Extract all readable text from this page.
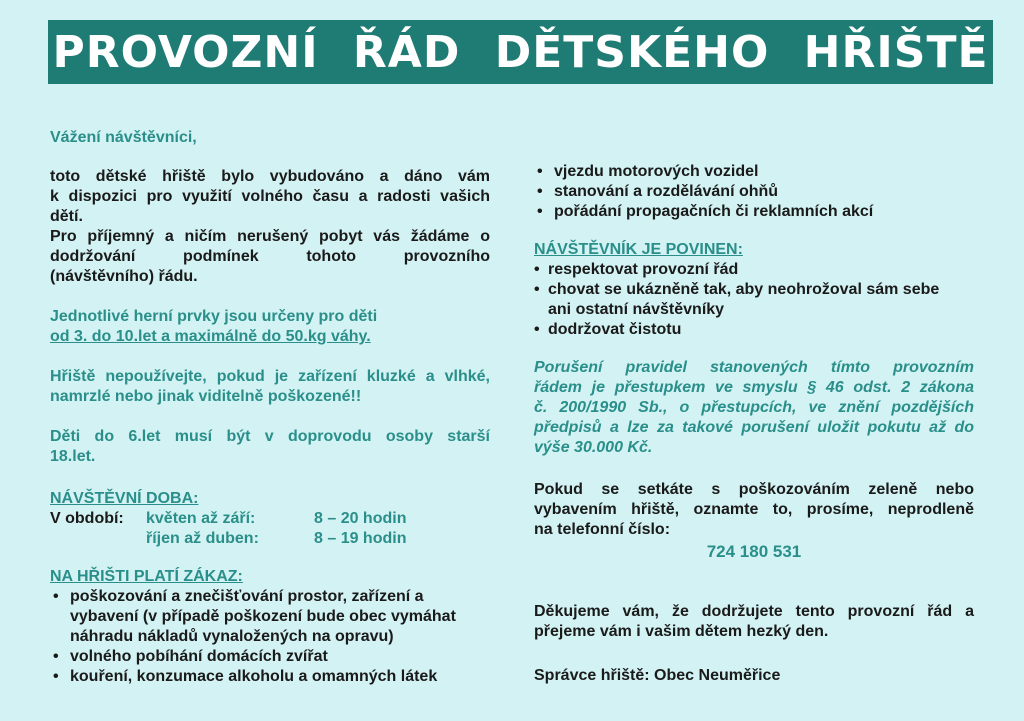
PROVOZNÍ ŘÁD DĚTSKÉHO HŘIŠTĚ

Vážení návštěvníci,

toto dětské hřiště bylo vybudováno a dáno vám

k dispozici pro využití volného času a radosti vašich

dětí.

Pro příjemný a ničím nerušený pobyt vás žádáme o

dodržování podmínek tohoto provozního

(návštěvního) řádu.

Jednotlivé herní prvky jsou určeny pro děti

od 3. do 10.let a maximálně do 50.kg váhy.

Hřiště nepoužívejte, pokud je zařízení kluzké a vlhké,

namrzlé nebo jinak viditelně poškozené!!

Děti do 6.let musí být v doprovodu osoby starší

18.let.

NÁVŠTĚVNÍ DOBA:

V období:	květen až září:	8 – 20 hodin
říjen až duben:	8 – 19 hodin

NA HŘIŠTI PLATÍ ZÁKAZ:

• poškozování a znečišťování prostor, zařízení a
vybavení (v případě poškození bude obec vymáhat
náhradu nákladů vynaložených na opravu)
• volného pobíhání domácích zvířat
• kouření, konzumace alkoholu a omamných látek
• vjezdu motorových vozidel
• stanování a rozdělávání ohňů
• pořádání propagačních či reklamních akcí

NÁVŠTĚVNÍK JE POVINEN:

• respektovat provozní řád
• chovat se ukázněně tak, aby neohrožoval sám sebe
ani ostatní návštěvníky
• dodržovat čistotu

Porušení pravidel stanovených tímto provozním

řádem je přestupkem ve smyslu § 46 odst. 2 zákona

č. 200/1990 Sb., o přestupcích, ve znění pozdějších

předpisů a lze za takové porušení uložit pokutu až do

výše 30.000 Kč.

Pokud se setkáte s poškozováním zeleně nebo

vybavením hřiště, oznamte to, prosíme, neprodleně

na telefonní číslo:

724 180 531

Děkujeme vám, že dodržujete tento provozní řád a

přejeme vám i vašim dětem hezký den.

Správce hřiště: Obec Neuměřice
